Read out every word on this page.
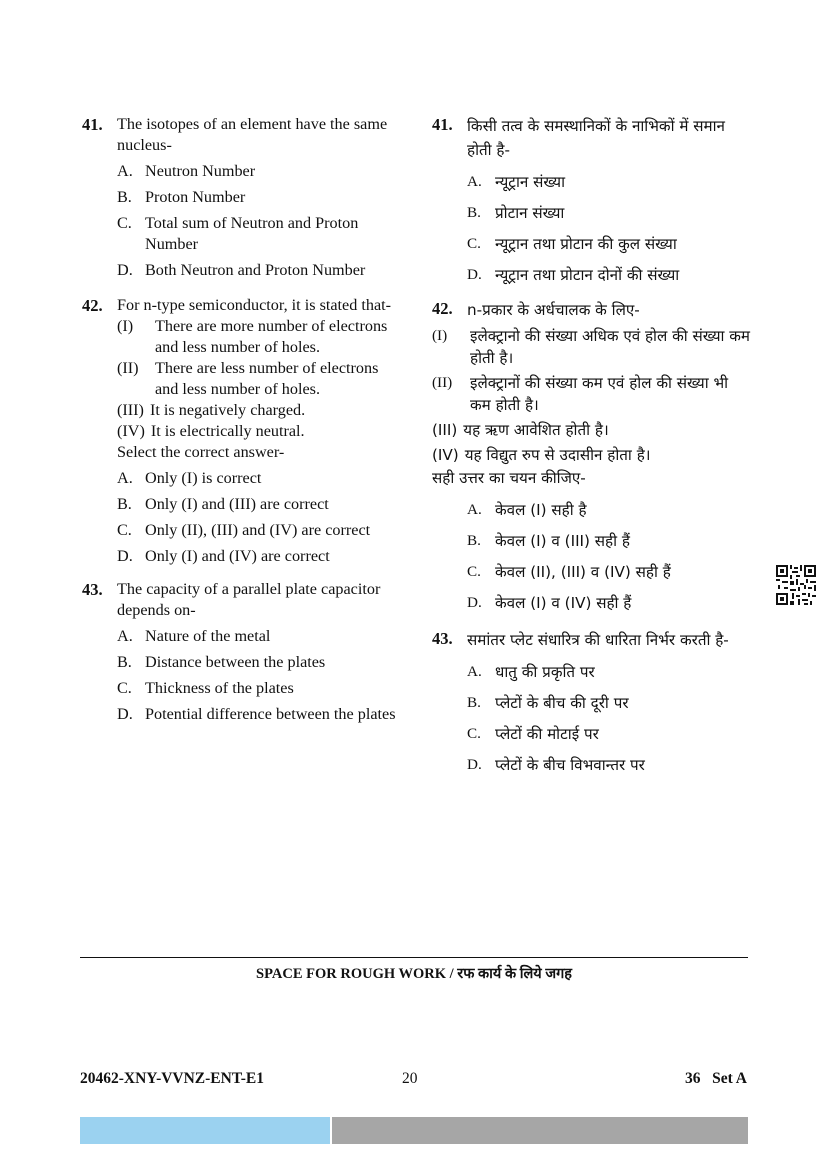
41. The isotopes of an element have the same nucleus-
A. Neutron Number
B. Proton Number
C. Total sum of Neutron and Proton Number
D. Both Neutron and Proton Number
42. For n-type semiconductor, it is stated that-
(I)	There are more number of electrons and less number of holes.
(II)	There are less number of electrons and less number of holes.
(III) It is negatively charged.
(IV) It is electrically neutral.
Select the correct answer-
A. Only (I) is correct
B. Only (I) and (III) are correct
C. Only (II), (III) and (IV) are correct
D. Only (I) and (IV) are correct
43. The capacity of a parallel plate capacitor depends on-
A. Nature of the metal
B. Distance between the plates
C. Thickness of the plates
D. Potential difference between the plates
41. किसी तत्व के समस्थानिकों के नाभिकों में समान होती है-
A. न्यूट्रान संख्या
B. प्रोटान संख्या
C. न्यूट्रान तथा प्रोटान की कुल संख्या
D. न्यूट्रान तथा प्रोटान दोनों की संख्या
42. n-प्रकार के अर्धचालक के लिए-
(I) इलेक्ट्रानो की संख्या अधिक एवं होल की संख्या कम होती है।
(II) इलेक्ट्रानों की संख्या कम एवं होल की संख्या भी कम होती है।
(III) यह ऋण आवेशित होती है।
(IV) यह विद्युत रुप से उदासीन होता है।
सही उत्तर का चयन कीजिए-
A. केवल (I) सही है
B. केवल (I) व (III) सही हैं
C. केवल (II), (III) व (IV) सही हैं
D. केवल (I) व (IV) सही हैं
43. समांतर प्लेट संधारित्र की धारिता निर्भर करती है-
A. धातु की प्रकृति पर
B. प्लेटों के बीच की दूरी पर
C. प्लेटों की मोटाई पर
D. प्लेटों के बीच विभवान्तर पर
SPACE FOR ROUGH WORK / रफ कार्य के लिये जगह
20462-XNY-VVNZ-ENT-E1	20	36   Set A
